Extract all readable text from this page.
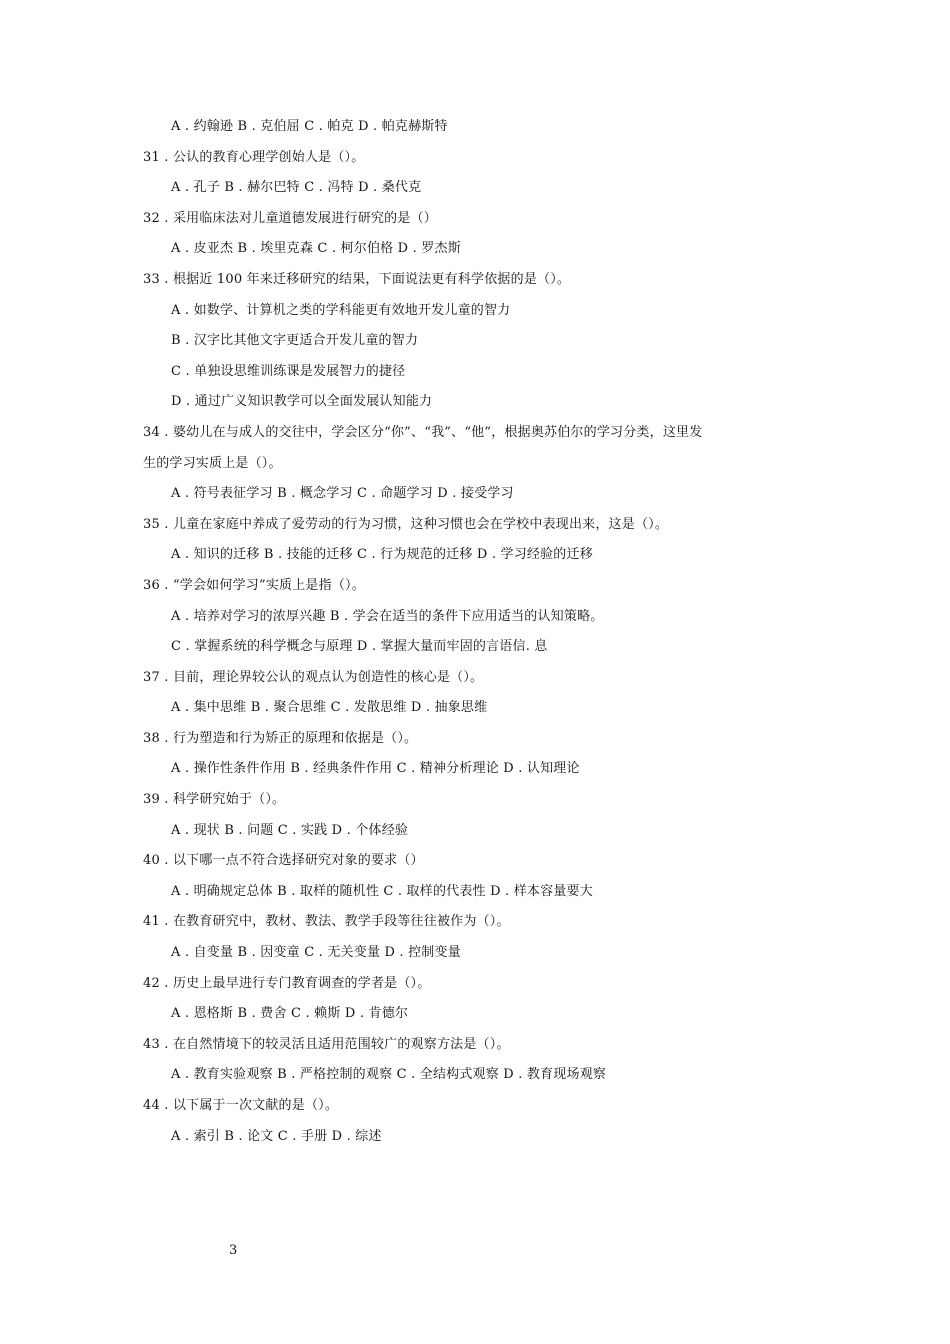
A . 约翰逊 B . 克伯屈 C . 帕克 D . 帕克赫斯特
31 . 公认的教育心理学创始人是（）。
A . 孔子 B . 赫尔巴特 C . 冯特 D . 桑代克
32 . 采用临床法对儿童道德发展进行研究的是（）
A . 皮亚杰 B . 埃里克森 C . 柯尔伯格 D . 罗杰斯
33 . 根据近 100 年来迁移研究的结果，下面说法更有科学依据的是（）。
A . 如数学、计算机之类的学科能更有效地开发儿童的智力
B . 汉字比其他文字更适合开发儿童的智力
C . 单独设思维训练课是发展智力的捷径
D . 通过广义知识教学可以全面发展认知能力
34 . 婆幼儿在与成人的交往中，学会区分“你”、“我”、“他”，根据奥苏伯尔的学习分类，这里发
生的学习实质上是（）。
A . 符号表征学习 B . 概念学习 C . 命题学习 D . 接受学习
35 . 儿童在家庭中养成了爱劳动的行为习惯，这种习惯也会在学校中表现出来，这是（）。
A . 知识的迁移 B . 技能的迁移 C . 行为规范的迁移 D . 学习经验的迁移
36 . “学会如何学习”实质上是指（）。
A . 培养对学习的浓厚兴趣 B . 学会在适当的条件下应用适当的认知策略。
C . 掌握系统的科学概念与原理 D . 掌握大量而牢固的言语信. 息
37 . 目前，理论界较公认的观点认为创造性的核心是（）。
A . 集中思维 B . 聚合思维 C . 发散思维 D . 抽象思维
38 . 行为塑造和行为矫正的原理和依据是（）。
A . 操作性条件作用 B . 经典条件作用 C . 精神分析理论 D . 认知理论
39 . 科学研究始于（）。
A . 现状 B . 问题 C . 实践 D . 个体经验
40 . 以下哪一点不符合选择研究对象的要求（）
A . 明确规定总体 B . 取样的随机性 C . 取样的代表性 D . 样本容量要大
41 . 在教育研究中，教材、教法、教学手段等往往被作为（）。
A . 自变量 B . 因变童 C . 无关变量 D . 控制变量
42 . 历史上最早进行专门教育调查的学者是（）。
A . 恩格斯 B . 费舍 C . 赖斯 D . 肯德尔
43 . 在自然情境下的较灵活且适用范围较广的观察方法是（）。
A . 教育实验观察 B . 严格控制的观察 C . 全结构式观察 D . 教育现场观察
44 . 以下属于一次文献的是（）。
A . 索引 B . 论文 C . 手册 D . 综述
3
